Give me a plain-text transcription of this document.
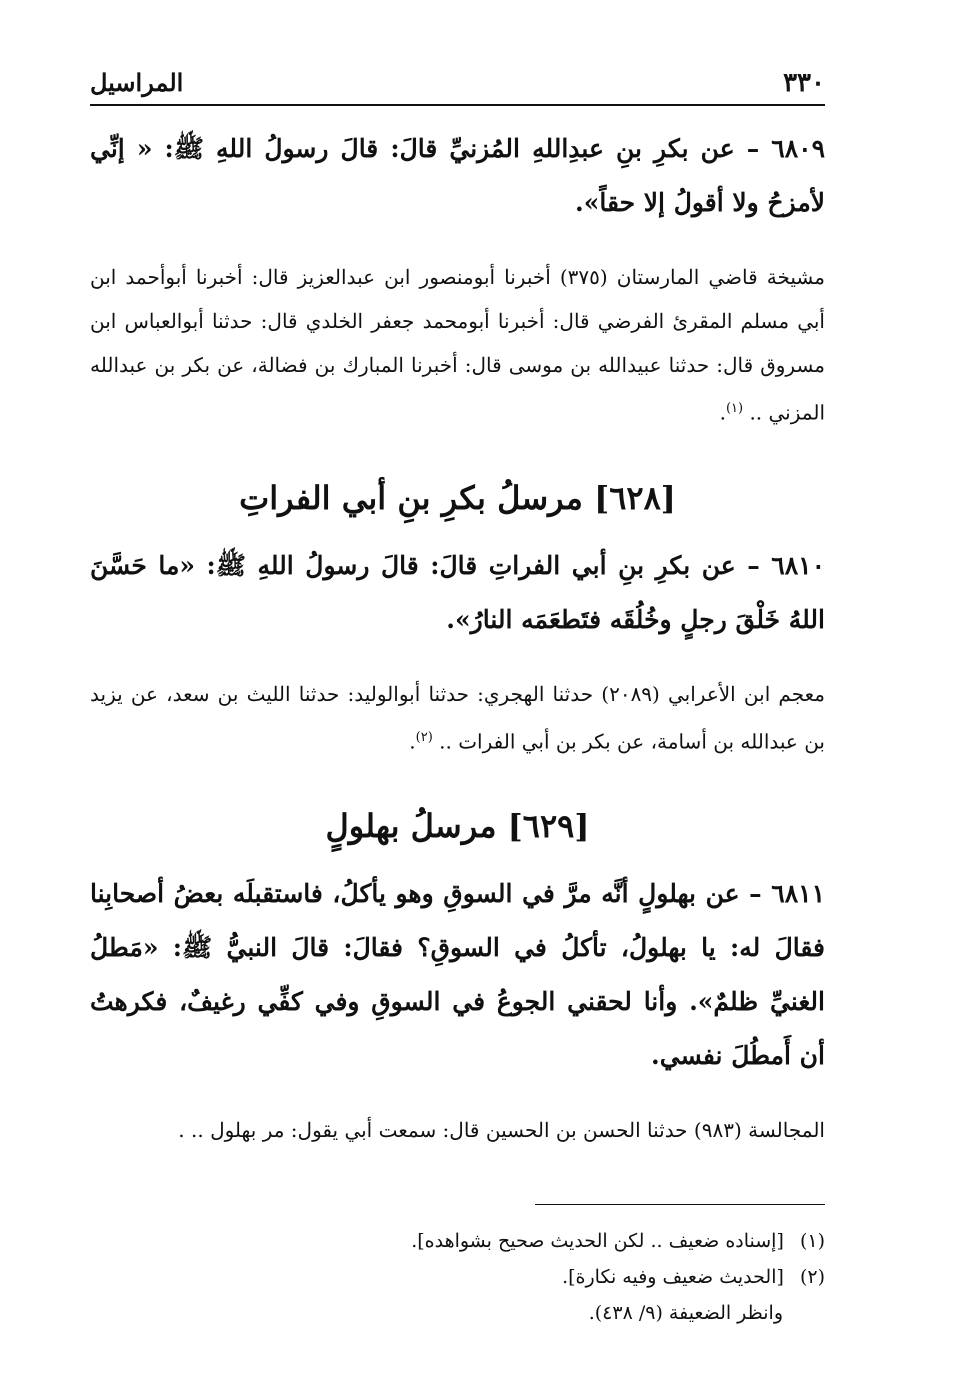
٣٣٠
المراسيل

٦٨٠٩ – عن بكرِ بنِ عبدِاللهِ المُزنيِّ قالَ: قالَ رسولُ اللهِ ﷺ: « إنِّي لأمزحُ ولا أقولُ إلا حقاً».

مشيخة قاضي المارستان (٣٧٥) أخبرنا أبومنصور ابن عبدالعزيز قال: أخبرنا أبوأحمد ابن أبي مسلم المقرئ الفرضي قال: أخبرنا أبومحمد جعفر الخلدي قال: حدثنا أبوالعباس ابن مسروق قال: حدثنا عبيدالله بن موسى قال: أخبرنا المبارك بن فضالة، عن بكر بن عبدالله المزني .. $^{(١)}$.

[٦٢٨] مرسلُ بكرِ بنِ أبي الفراتِ

٦٨١٠ – عن بكرِ بنِ أبي الفراتِ قالَ: قالَ رسولُ اللهِ ﷺ: «ما حَسَّنَ اللهُ خَلْقَ رجلٍ وخُلُقَه فتَطعَمَه النارُ».

معجم ابن الأعرابي (٢٠٨٩) حدثنا الهجري: حدثنا أبوالوليد: حدثنا الليث بن سعد، عن يزيد بن عبدالله بن أسامة، عن بكر بن أبي الفرات .. $^{(٢)}$.

[٦٢٩] مرسلُ بهلولٍ

٦٨١١ – عن بهلولٍ أنَّه مرَّ في السوقِ وهو يأكلُ، فاستقبلَه بعضُ أصحابِنا فقالَ له: يا بهلولُ، تأكلُ في السوقِ؟ فقالَ: قالَ النبيُّ ﷺ: «مَطلُ الغنيِّ ظلمٌ». وأنا لحقني الجوعُ في السوقِ وفي كفِّي رغيفٌ، فكرهتُ أن أَمطُلَ نفسي.

المجالسة (٩٨٣) حدثنا الحسن بن الحسين قال: سمعت أبي يقول: مر بهلول .. .

(١) [إسناده ضعيف .. لكن الحديث صحيح بشواهده].
(٢) [الحديث ضعيف وفيه نكارة].
وانظر الضعيفة (٩/ ٤٣٨).
